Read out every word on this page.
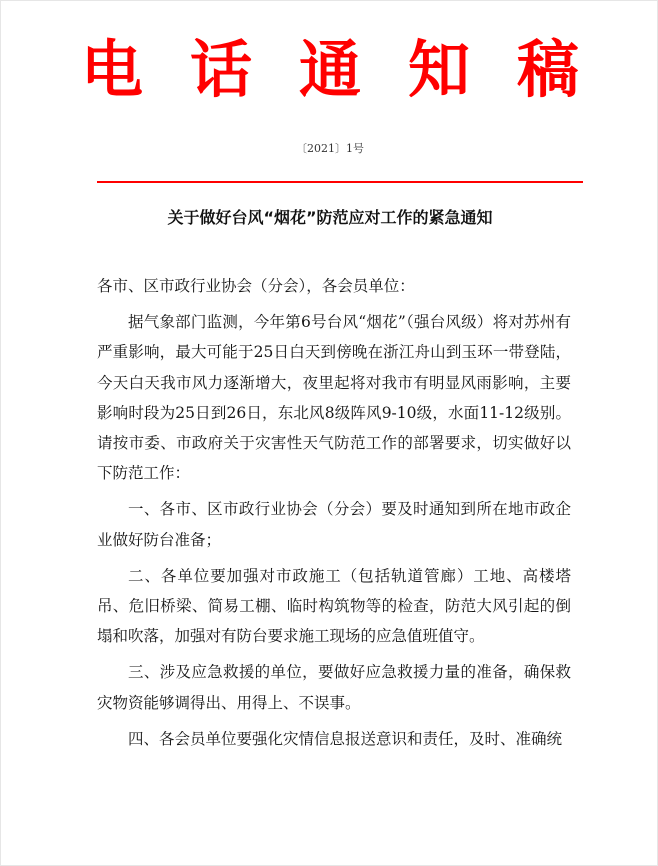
电 话 通 知 稿
〔2021〕1号
关于做好台风“烟花”防范应对工作的紧急通知

各市、区市政行业协会（分会），各会员单位：

据气象部门监测，今年第6号台风“烟花”（强台风级）将对苏州有严重影响，最大可能于25日白天到傍晚在浙江舟山到玉环一带登陆，今天白天我市风力逐渐增大，夜里起将对我市有明显风雨影响，主要影响时段为25日到26日，东北风8级阵风9-10级，水面11-12级别。请按市委、市政府关于灾害性天气防范工作的部署要求，切实做好以下防范工作：

一、各市、区市政行业协会（分会）要及时通知到所在地市政企业做好防台准备；

二、各单位要加强对市政施工（包括轨道管廊）工地、高楼塔吊、危旧桥梁、简易工棚、临时构筑物等的检查，防范大风引起的倒塌和吹落，加强对有防台要求施工现场的应急值班值守。

三、涉及应急救援的单位，要做好应急救援力量的准备，确保救灾物资能够调得出、用得上、不误事。

四、各会员单位要强化灾情信息报送意识和责任，及时、准确统
